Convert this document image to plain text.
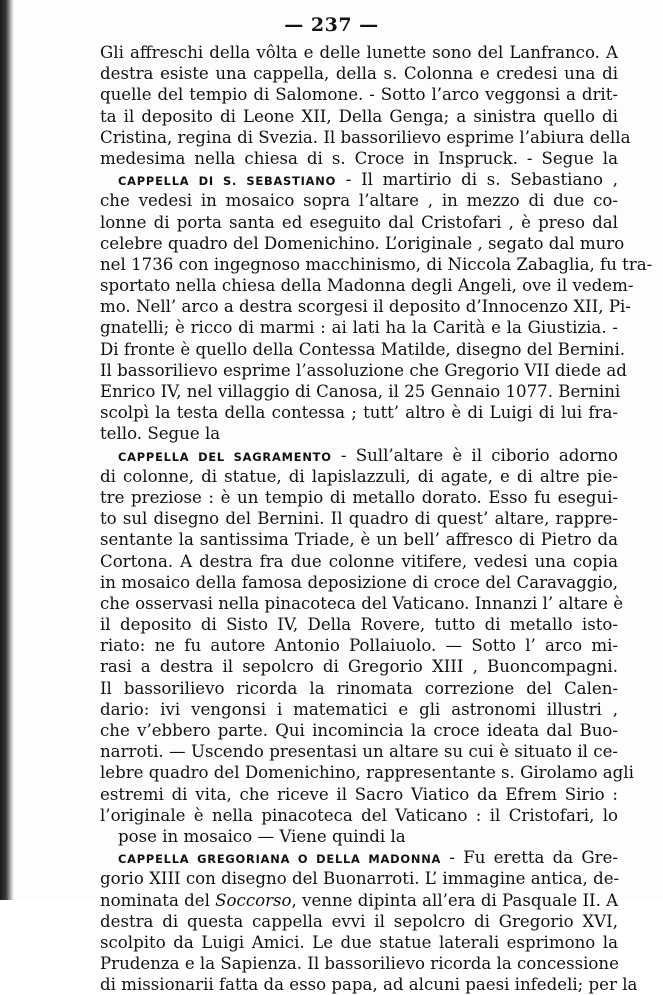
— 237 —
Gli affreschi della vôlta e delle lunette sono del Lanfranco. A
destra esiste una cappella, della s. Colonna e credesi una di
quelle del tempio di Salomone. - Sotto l’arco veggonsi a drit-
ta il deposito di Leone XII, Della Genga; a sinistra quello di
Cristina, regina di Svezia. Il bassorilievo esprime l’abiura della
medesima nella chiesa di s. Croce in Inspruck. - Segue la
CAPPELLA DI S. SEBASTIANO - Il martirio di s. Sebastiano ,
che vedesi in mosaico sopra l’altare , in mezzo di due co-
lonne di porta santa ed eseguito dal Cristofari , è preso dal
celebre quadro del Domenichino. L’originale , segato dal muro
nel 1736 con ingegnoso macchinismo, di Niccola Zabaglia, fu tra-
sportato nella chiesa della Madonna degli Angeli, ove il vedem-
mo. Nell’ arco a destra scorgesi il deposito d’Innocenzo XII, Pi-
gnatelli; è ricco di marmi : ai lati ha la Carità e la Giustizia. -
Di fronte è quello della Contessa Matilde, disegno del Bernini.
Il bassorilievo esprime l’assoluzione che Gregorio VII diede ad
Enrico IV, nel villaggio di Canosa, il 25 Gennaio 1077. Bernini
scolpì la testa della contessa ; tutt’ altro è di Luigi di lui fra-
tello. Segue la
CAPPELLA DEL SAGRAMENTO - Sull’altare è il ciborio adorno
di colonne, di statue, di lapislazzuli, di agate, e di altre pie-
tre preziose : è un tempio di metallo dorato. Esso fu esegui-
to sul disegno del Bernini. Il quadro di quest’ altare, rappre-
sentante la santissima Triade, è un bell’ affresco di Pietro da
Cortona. A destra fra due colonne vitifere, vedesi una copia
in mosaico della famosa deposizione di croce del Caravaggio,
che osservasi nella pinacoteca del Vaticano. Innanzi l’ altare è
il deposito di Sisto IV, Della Rovere, tutto di metallo isto-
riato: ne fu autore Antonio Pollaiuolo. — Sotto l’ arco mi-
rasi a destra il sepolcro di Gregorio XIII , Buoncompagni.
Il bassorilievo ricorda la rinomata correzione del Calen-
dario: ivi vengonsi i matematici e gli astronomi illustri ,
che v’ebbero parte. Qui incomincia la croce ideata dal Buo-
narroti. — Uscendo presentasi un altare su cui è situato il ce-
lebre quadro del Domenichino, rappresentante s. Girolamo agli
estremi di vita, che riceve il Sacro Viatico da Efrem Sirio :
l’originale è nella pinacoteca del Vaticano : il Cristofari, lo
pose in mosaico — Viene quindi la
CAPPELLA GREGORIANA O DELLA MADONNA - Fu eretta da Gre-
gorio XIII con disegno del Buonarroti. L’ immagine antica, de-
nominata del Soccorso, venne dipinta all’era di Pasquale II. A
destra di questa cappella evvi il sepolcro di Gregorio XVI,
scolpito da Luigi Amici. Le due statue laterali esprimono la
Prudenza e la Sapienza. Il bassorilievo ricorda la concessione
di missionarii fatta da esso papa, ad alcuni paesi infedeli; per la
